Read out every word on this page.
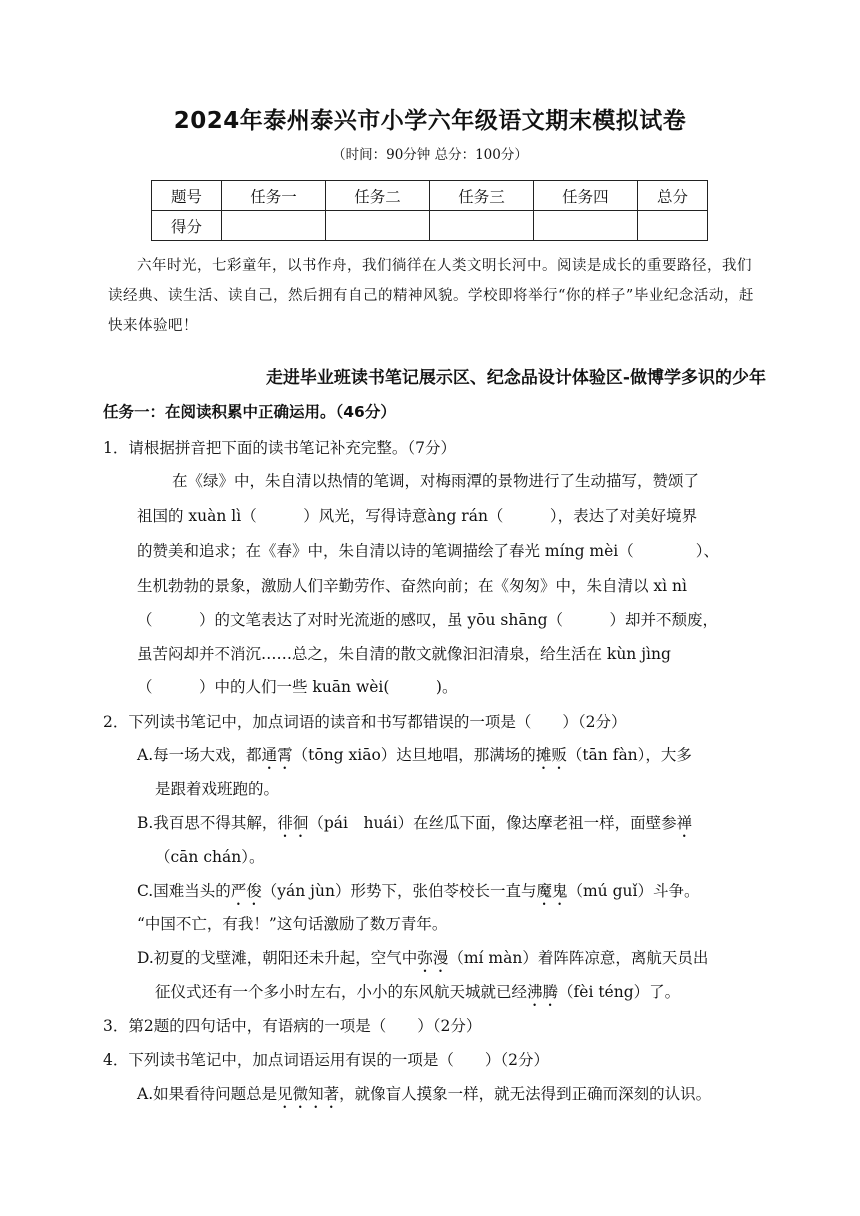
2024年泰州泰兴市小学六年级语文期末模拟试卷
（时间：90分钟 总分：100分）
题号	任务一	任务二	任务三	任务四	总分
得分					
六年时光，七彩童年，以书作舟，我们徜徉在人类文明长河中。阅读是成长的重要路径，我们读经典、读生活、读自己，然后拥有自己的精神风貌。学校即将举行“你的样子”毕业纪念活动，赶快来体验吧！
走进毕业班读书笔记展示区、纪念品设计体验区-做博学多识的少年
任务一：在阅读积累中正确运用。（46分）
1．请根据拼音把下面的读书笔记补充完整。（7分）
在《绿》中，朱自清以热情的笔调，对梅雨潭的景物进行了生动描写，赞颂了
祖国的 xuàn lì（　　　）风光，写得诗意àng rán（　　　），表达了对美好境界
的赞美和追求；在《春》中，朱自清以诗的笔调描绘了春光 míng mèi（　　　　）、
生机勃勃的景象，激励人们辛勤劳作、奋然向前；在《匆匆》中，朱自清以 xì nì
（　　　）的文笔表达了对时光流逝的感叹，虽 yōu shāng（　　　）却并不颓废，
虽苦闷却并不消沉……总之，朱自清的散文就像汩汩清泉，给生活在 kùn jìng
（　　　）中的人们一些 kuān wèi(　　　)。
2．下列读书笔记中，加点词语的读音和书写都错误的一项是（　　）（2分）
A.每一场大戏，都通霄（tōng xiāo）达旦地唱，那满场的摊贩（tān fàn），大多
是跟着戏班跑的。
B.我百思不得其解，徘徊（pái　huái）在丝瓜下面，像达摩老祖一样，面壁参禅
（cān chán）。
C.国难当头的严俊（yán jùn）形势下，张伯苓校长一直与魔鬼（mú guǐ）斗争。
“中国不亡，有我！”这句话激励了数万青年。
D.初夏的戈壁滩，朝阳还未升起，空气中弥漫（mí màn）着阵阵凉意，离航天员出
征仪式还有一个多小时左右，小小的东风航天城就已经沸腾（fèi téng）了。
3．第2题的四句话中，有语病的一项是（　　）（2分）
4．下列读书笔记中，加点词语运用有误的一项是（　　）（2分）
A.如果看待问题总是见微知著，就像盲人摸象一样，就无法得到正确而深刻的认识。
